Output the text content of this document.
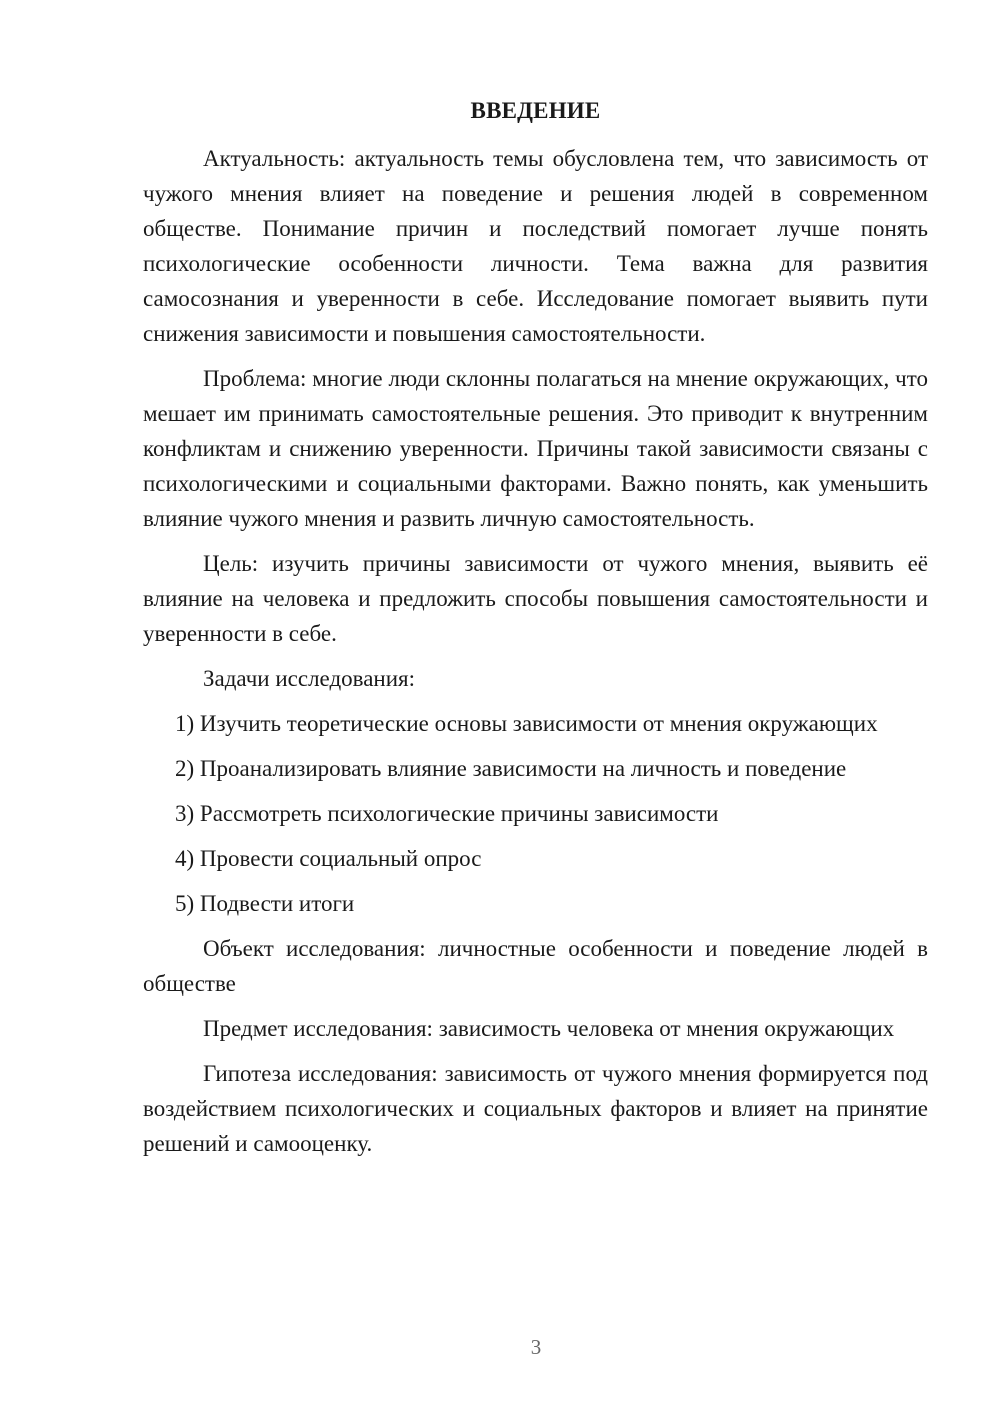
ВВЕДЕНИЕ

Актуальность: актуальность темы обусловлена тем, что зависимость от чужого мнения влияет на поведение и решения людей в современном обществе. Понимание причин и последствий помогает лучше понять психологические особенности личности. Тема важна для развития самосознания и уверенности в себе. Исследование помогает выявить пути снижения зависимости и повышения самостоятельности.

Проблема: многие люди склонны полагаться на мнение окружающих, что мешает им принимать самостоятельные решения. Это приводит к внутренним конфликтам и снижению уверенности. Причины такой зависимости связаны с психологическими и социальными факторами. Важно понять, как уменьшить влияние чужого мнения и развить личную самостоятельность.

Цель: изучить причины зависимости от чужого мнения, выявить её влияние на человека и предложить способы повышения самостоятельности и уверенности в себе.

Задачи исследования:

1) Изучить теоретические основы зависимости от мнения окружающих

2) Проанализировать влияние зависимости на личность и поведение

3) Рассмотреть психологические причины зависимости

4) Провести социальный опрос

5) Подвести итоги

Объект исследования: личностные особенности и поведение людей в обществе

Предмет исследования: зависимость человека от мнения окружающих

Гипотеза исследования: зависимость от чужого мнения формируется под воздействием психологических и социальных факторов и влияет на принятие решений и самооценку.

3
